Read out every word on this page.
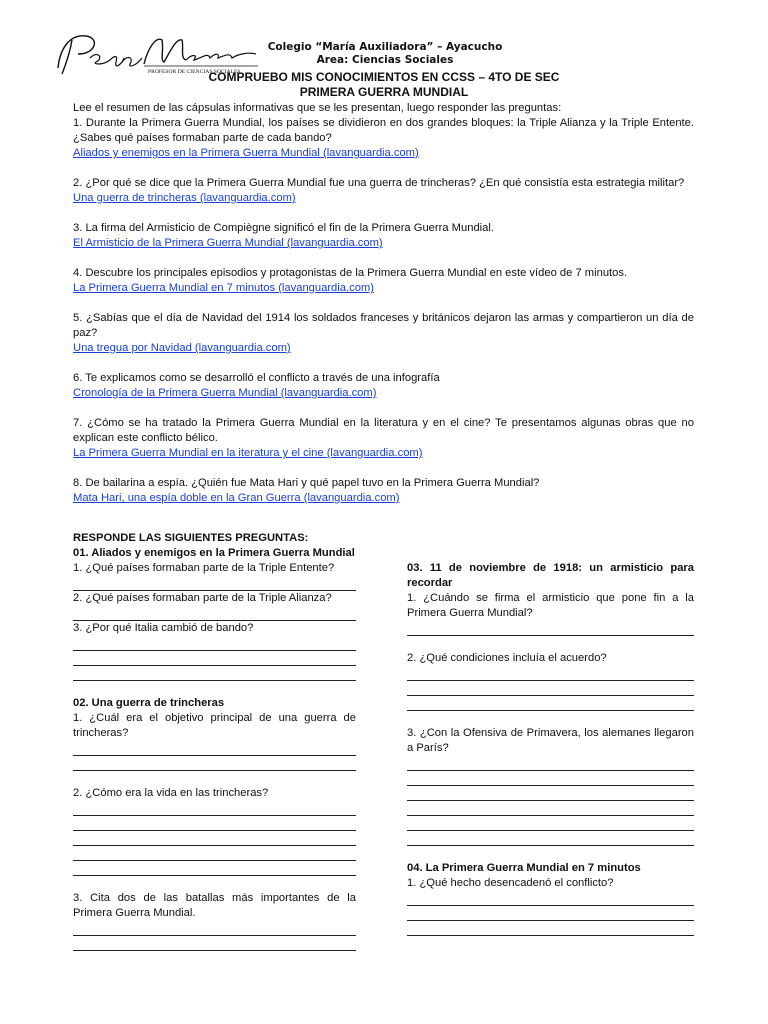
PROFESOR DE CIENCIAS SOCIALES
Colegio “María Auxiliadora” – Ayacucho
Area: Ciencias Sociales
COMPRUEBO MIS CONOCIMIENTOS EN CCSS – 4TO DE SEC
PRIMERA GUERRA MUNDIAL

Lee el resumen de las cápsulas informativas que se les presentan, luego responder las preguntas:

1. Durante la Primera Guerra Mundial, los países se dividieron en dos grandes bloques: la Triple Alianza y la Triple Entente. ¿Sabes qué países formaban parte de cada bando?

Aliados y enemigos en la Primera Guerra Mundial (lavanguardia.com)

2. ¿Por qué se dice que la Primera Guerra Mundial fue una guerra de trincheras? ¿En qué consistía esta estrategia militar?

Una guerra de trincheras (lavanguardia.com)

3. La firma del Armisticio de Compiègne significó el fin de la Primera Guerra Mundial.

El Armisticio de la Primera Guerra Mundial (lavanguardia.com)

4. Descubre los principales episodios y protagonistas de la Primera Guerra Mundial en este vídeo de 7 minutos.

La Primera Guerra Mundial en 7 minutos (lavanguardia.com)

5. ¿Sabías que el día de Navidad del 1914 los soldados franceses y británicos dejaron las armas y compartieron un día de paz?

Una tregua por Navidad (lavanguardia.com)

6. Te explicamos como se desarrolló el conflicto a través de una infografía

Cronología de la Primera Guerra Mundial (lavanguardia.com)

7. ¿Cómo se ha tratado la Primera Guerra Mundial en la literatura y en el cine? Te presentamos algunas obras que no explican este conflicto bélico.

La Primera Guerra Mundial en la iteratura y el cine (lavanguardia.com)

8. De bailarina a espía. ¿Quién fue Mata Hari y qué papel tuvo en la Primera Guerra Mundial?

Mata Hari, una espía doble en la Gran Guerra (lavanguardia.com)
RESPONDE LAS SIGUIENTES PREGUNTAS:
01. Aliados y enemigos en la Primera Guerra Mundial
1. ¿Qué países formaban parte de la Triple Entente?
2. ¿Qué países formaban parte de la Triple Alianza?
3. ¿Por qué Italia cambió de bando?
02. Una guerra de trincheras
1. ¿Cuál era el objetivo principal de una guerra de trincheras?
2. ¿Cómo era la vida en las trincheras?
3. Cita dos de las batallas más importantes de la Primera Guerra Mundial.
03. 11 de noviembre de 1918: un armisticio para recordar
1. ¿Cuándo se firma el armisticio que pone fin a la Primera Guerra Mundial?
2. ¿Qué condiciones incluía el acuerdo?
3. ¿Con la Ofensiva de Primavera, los alemanes llegaron a París?
04. La Primera Guerra Mundial en 7 minutos
1. ¿Qué hecho desencadenó el conflicto?
